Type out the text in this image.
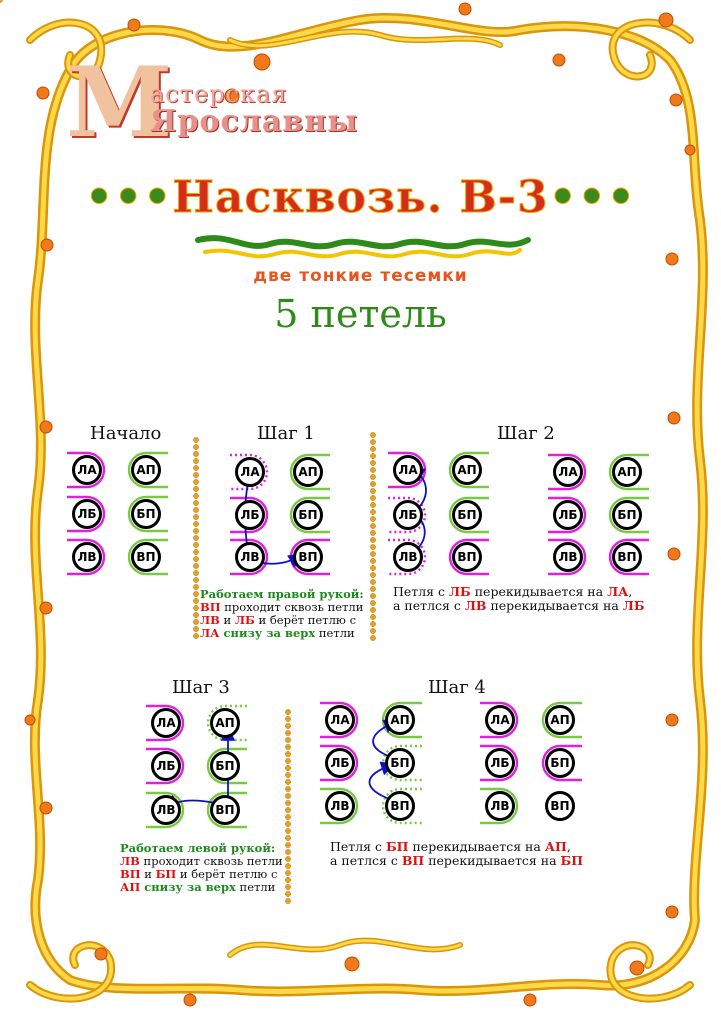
М
астерская
Ярославны
•••Насквозь. В-3•••
две тонкие тесемки
5 петель
Начало	Шаг 1	Шаг 2
Шаг 3	Шаг 4
ЛА
ЛБ
ЛВ
АП
БП
ВП
ЛА
ЛБ
ЛВ
АП
БП
ВП
ЛА
ЛБ
ЛВ
АП
БП
ВП
ЛА
ЛБ
ЛВ
АП
БП
ВП
ЛА
ЛБ
ЛВ
АП
БП
ВП
ЛА
ЛБ
ЛВ
АП
БП
ВП
ЛА
ЛБ
ЛВ
АП
БП
ВП
Работаем правой рукой:
ВП проходит сквозь петли ЛВ и ЛБ и берёт петлю с ЛА снизу за верх петли
Петля с ЛБ перекидывается на ЛА,
а петлся с ЛВ перекидывается на ЛБ
Работаем левой рукой:
ЛВ проходит сквозь петли ВП и БП и берёт петлю с АП снизу за верх петли
Петля с БП перекидывается на АП,
а петлся с ВП перекидывается на БП
